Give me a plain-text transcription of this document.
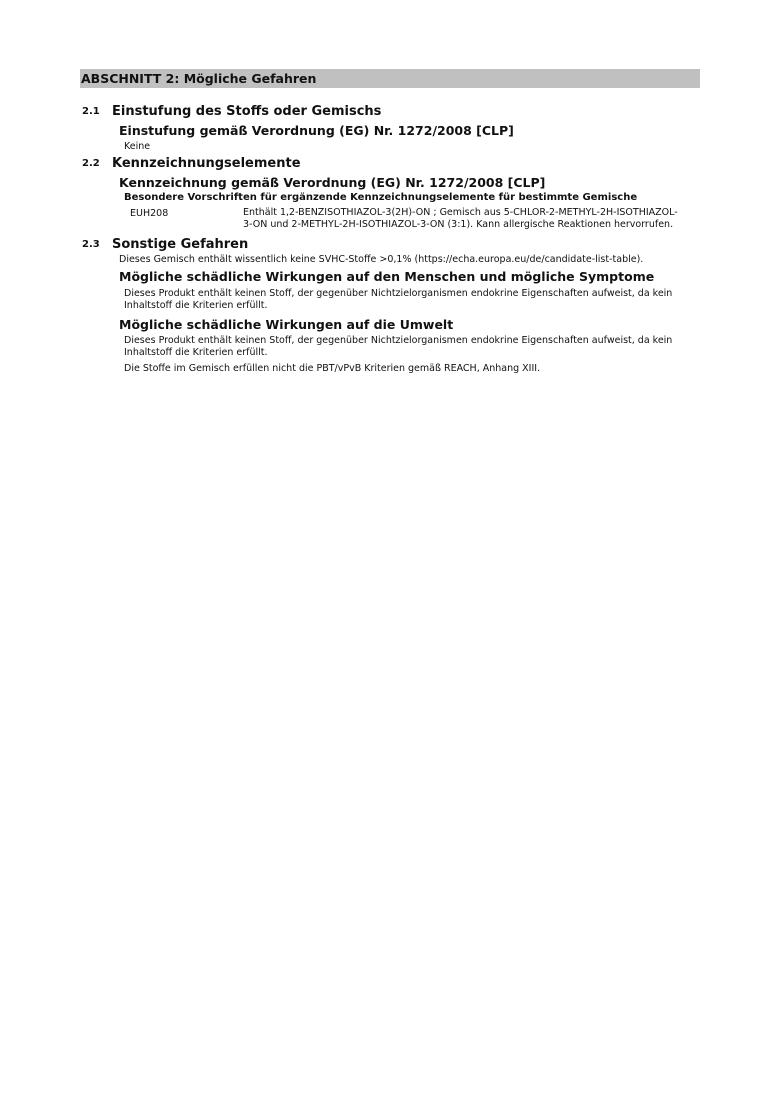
ABSCHNITT 2: Mögliche Gefahren
2.1 Einstufung des Stoffs oder Gemischs
Einstufung gemäß Verordnung (EG) Nr. 1272/2008 [CLP]
Keine
2.2 Kennzeichnungselemente
Kennzeichnung gemäß Verordnung (EG) Nr. 1272/2008 [CLP]
Besondere Vorschriften für ergänzende Kennzeichnungselemente für bestimmte Gemische
EUH208	Enthält 1,2-BENZISOTHIAZOL-3(2H)-ON ; Gemisch aus 5-CHLOR-2-METHYL-2H-ISOTHIAZOL-
3-ON und 2-METHYL-2H-ISOTHIAZOL-3-ON (3:1). Kann allergische Reaktionen hervorrufen.
2.3 Sonstige Gefahren
Dieses Gemisch enthält wissentlich keine SVHC-Stoffe >0,1% (https://echa.europa.eu/de/candidate-list-table).
Mögliche schädliche Wirkungen auf den Menschen und mögliche Symptome
Dieses Produkt enthält keinen Stoff, der gegenüber Nichtzielorganismen endokrine Eigenschaften aufweist, da kein
Inhaltstoff die Kriterien erfüllt.
Mögliche schädliche Wirkungen auf die Umwelt
Dieses Produkt enthält keinen Stoff, der gegenüber Nichtzielorganismen endokrine Eigenschaften aufweist, da kein
Inhaltstoff die Kriterien erfüllt.
Die Stoffe im Gemisch erfüllen nicht die PBT/vPvB Kriterien gemäß REACH, Anhang XIII.
